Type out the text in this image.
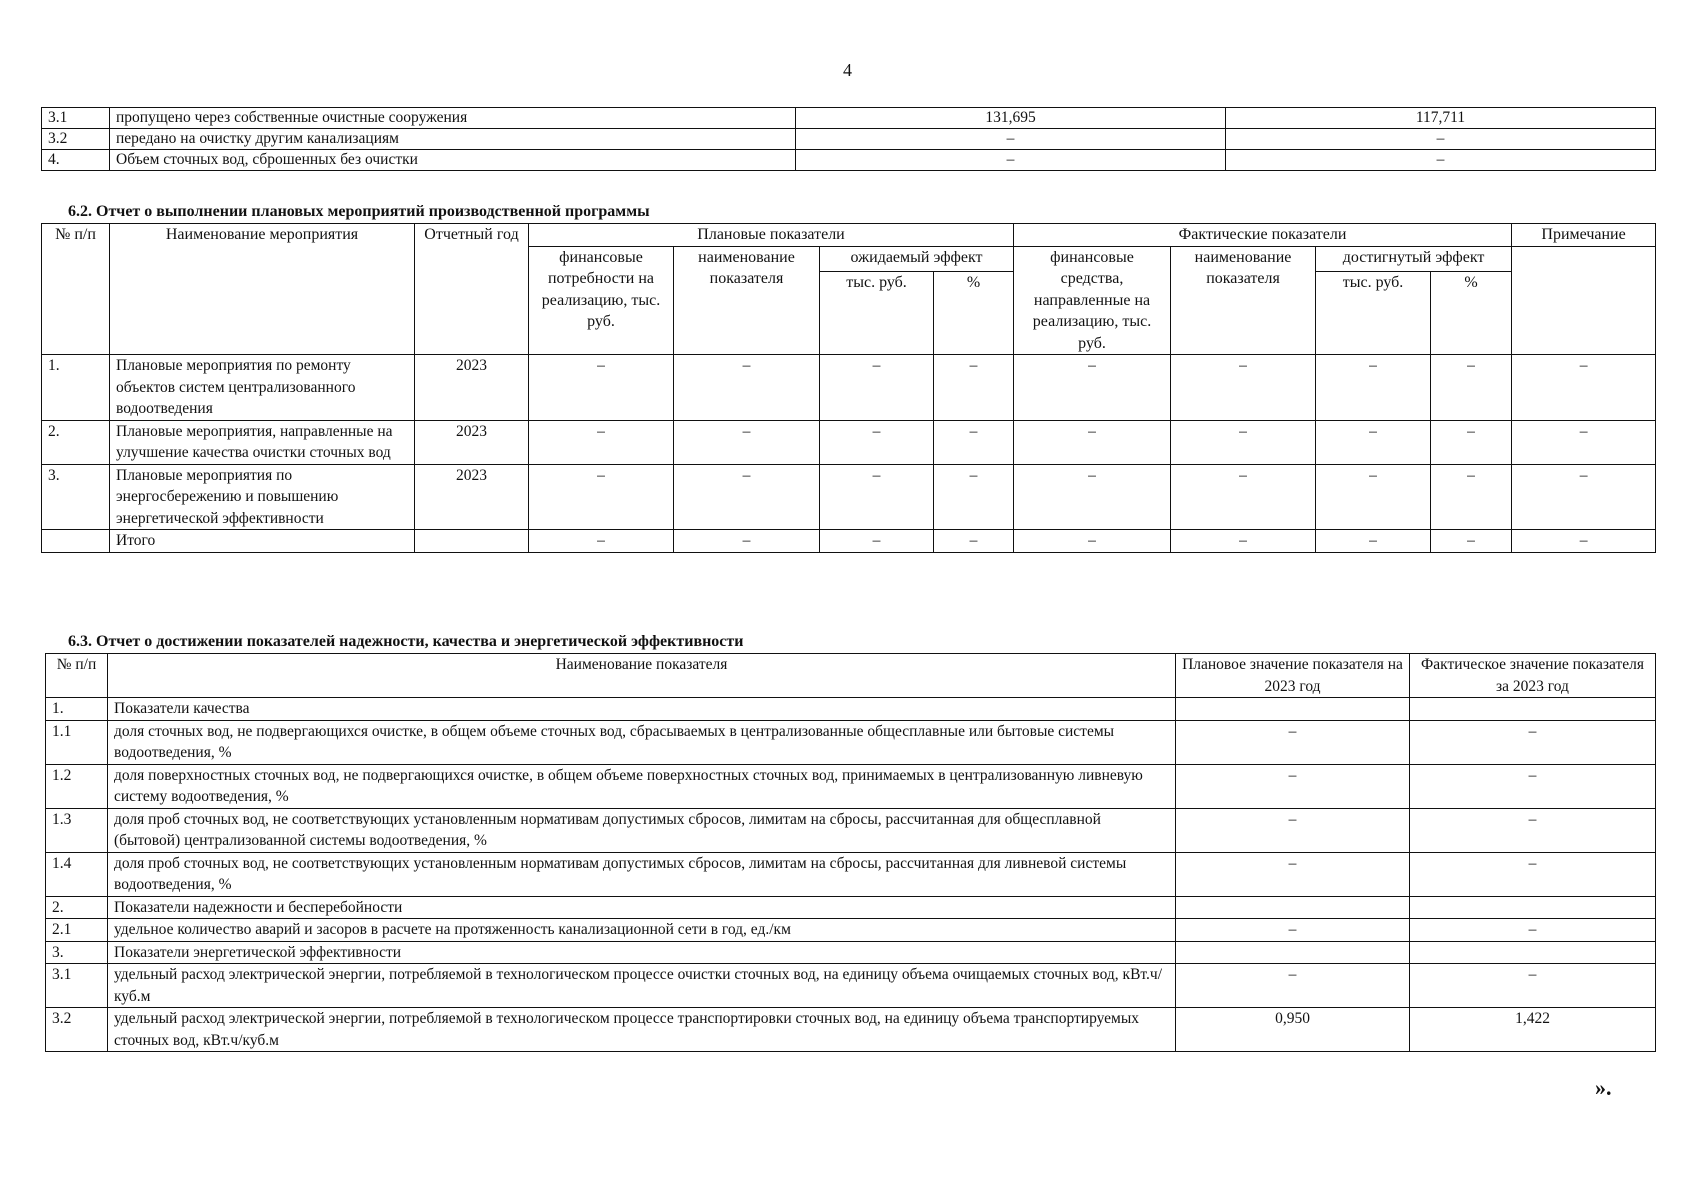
4
3.1	пропущено через собственные очистные сооружения	131,695	117,711
3.2	передано на очистку другим канализациям	–	–
4.	Объем сточных вод, сброшенных без очистки	–	–
6.2. Отчет о выполнении плановых мероприятий производственной программы
№ п/п	Наименование мероприятия	Отчетный год	Плановые показатели				Фактические показатели				Примечание
			финансовые потребности на реализацию, тыс. руб.	наименование показателя	ожидаемый эффект		финансовые средства, направленные на реализацию, тыс. руб.	наименование показателя	достигнутый эффект		
					тыс. руб.	%			тыс. руб.	%	
1.	Плановые мероприятия по ремонту объектов систем централизованного водоотведения	2023	–	–	–	–	–	–	–	–	–
2.	Плановые мероприятия, направленные на улучшение качества очистки сточных вод	2023	–	–	–	–	–	–	–	–	–
3.	Плановые мероприятия по энергосбережению и повышению энергетической эффективности	2023	–	–	–	–	–	–	–	–	–
	Итого		–	–	–	–	–	–	–	–	–
6.3. Отчет о достижении показателей надежности, качества и энергетической эффективности
№ п/п	Наименование показателя	Плановое значение показателя на 2023 год	Фактическое значение показателя за 2023 год
1.	Показатели качества		
1.1	доля сточных вод, не подвергающихся очистке, в общем объеме сточных вод, сбрасываемых в централизованные общесплавные или бытовые системы водоотведения, %	–	–
1.2	доля поверхностных сточных вод, не подвергающихся очистке, в общем объеме поверхностных сточных вод, принимаемых в централизованную ливневую систему водоотведения, %	–	–
1.3	доля проб сточных вод, не соответствующих установленным нормативам допустимых сбросов, лимитам на сбросы, рассчитанная для общесплавной (бытовой) централизованной системы водоотведения, %	–	–
1.4	доля проб сточных вод, не соответствующих установленным нормативам допустимых сбросов, лимитам на сбросы, рассчитанная для ливневой системы водоотведения, %	–	–
2.	Показатели надежности и бесперебойности		
2.1	удельное количество аварий и засоров в расчете на протяженность канализационной сети в год, ед./км	–	–
3.	Показатели энергетической эффективности		
3.1	удельный расход электрической энергии, потребляемой в технологическом процессе очистки сточных вод, на единицу объема очищаемых сточных вод, кВт.ч/куб.м	–	–
3.2	удельный расход электрической энергии, потребляемой в технологическом процессе транспортировки сточных вод, на единицу объема транспортируемых сточных вод, кВт.ч/куб.м	0,950	1,422
».
